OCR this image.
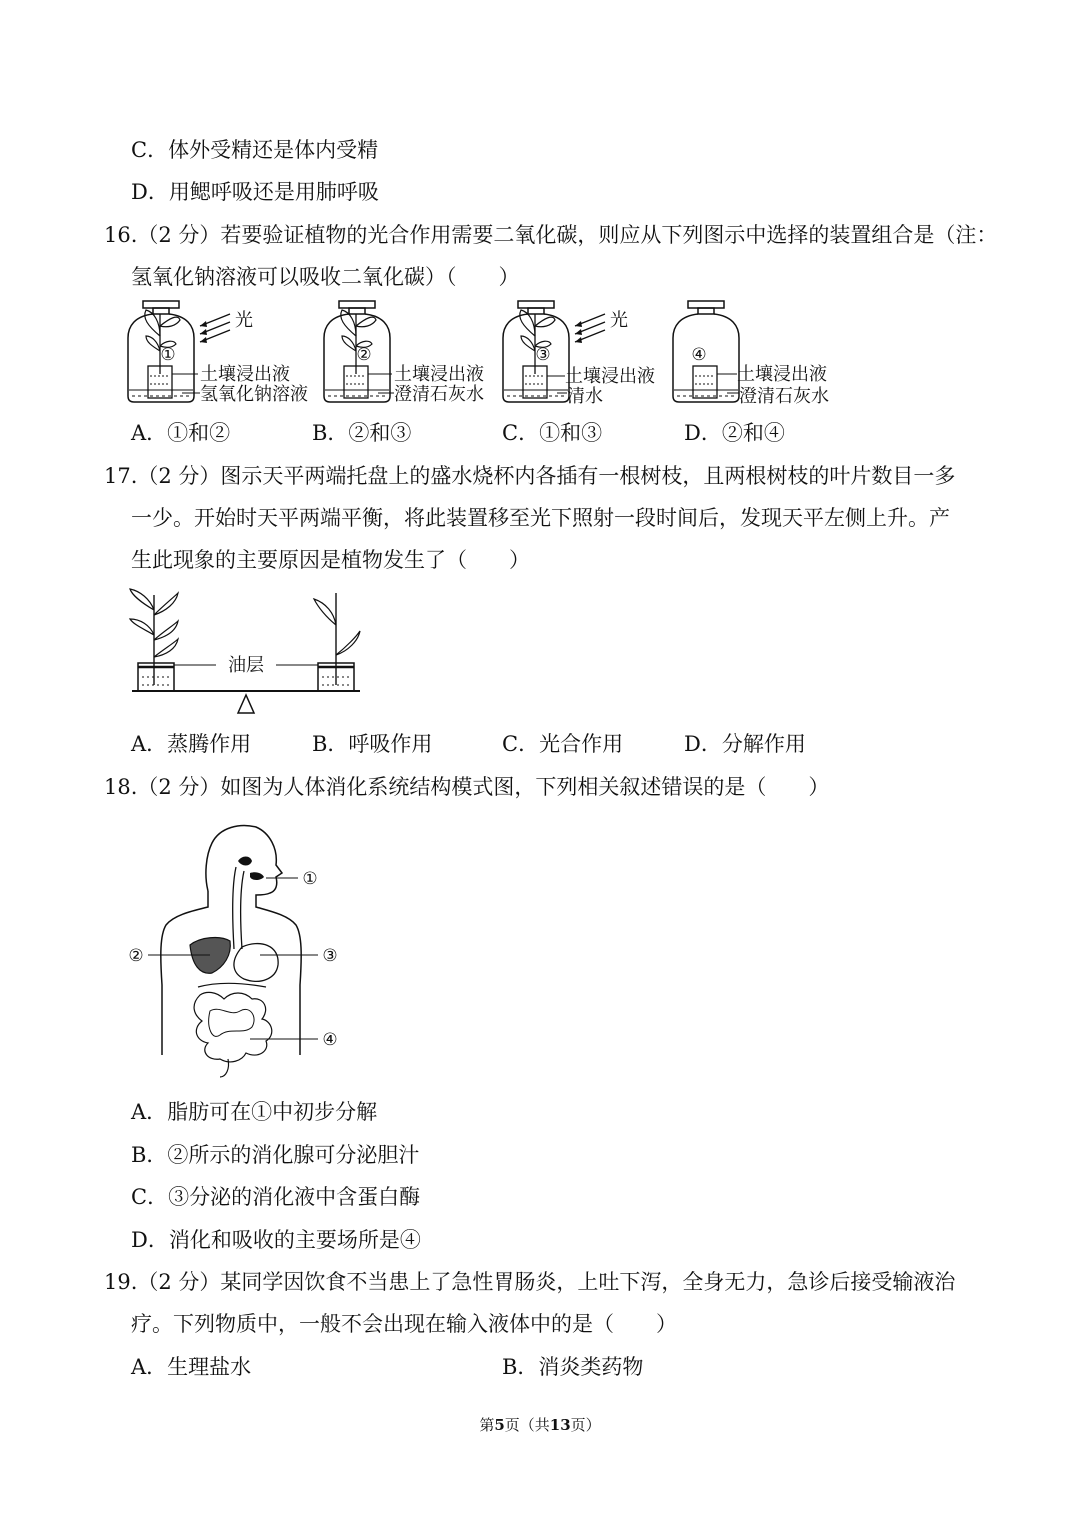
C．体外受精还是体内受精
D．用鳃呼吸还是用肺呼吸
16.（2 分）若要验证植物的光合作用需要二氧化碳，则应从下列图示中选择的装置组合是（注：
氢氧化钠溶液可以吸收二氧化碳）（　　）
光
①
土壤浸出液
氢氧化钠溶液
②
土壤浸出液
澄清石灰水
光
③
土壤浸出液
清水
④
土壤浸出液
澄清石灰水
A．①和②	B．②和③	C．①和③	D．②和④
17.（2 分）图示天平两端托盘上的盛水烧杯内各插有一根树枝，且两根树枝的叶片数目一多
一少。开始时天平两端平衡，将此装置移至光下照射一段时间后，发现天平左侧上升。产
生此现象的主要原因是植物发生了（　　）
油层
A．蒸腾作用	B．呼吸作用	C．光合作用	D．分解作用
18.（2 分）如图为人体消化系统结构模式图，下列相关叙述错误的是（　　）
①
②	③
④
A．脂肪可在①中初步分解
B．②所示的消化腺可分泌胆汁
C．③分泌的消化液中含蛋白酶
D．消化和吸收的主要场所是④
19.（2 分）某同学因饮食不当患上了急性胃肠炎，上吐下泻，全身无力，急诊后接受输液治
疗。下列物质中，一般不会出现在输入液体中的是（　　）
A．生理盐水	B．消炎类药物
第5页（共13页）
